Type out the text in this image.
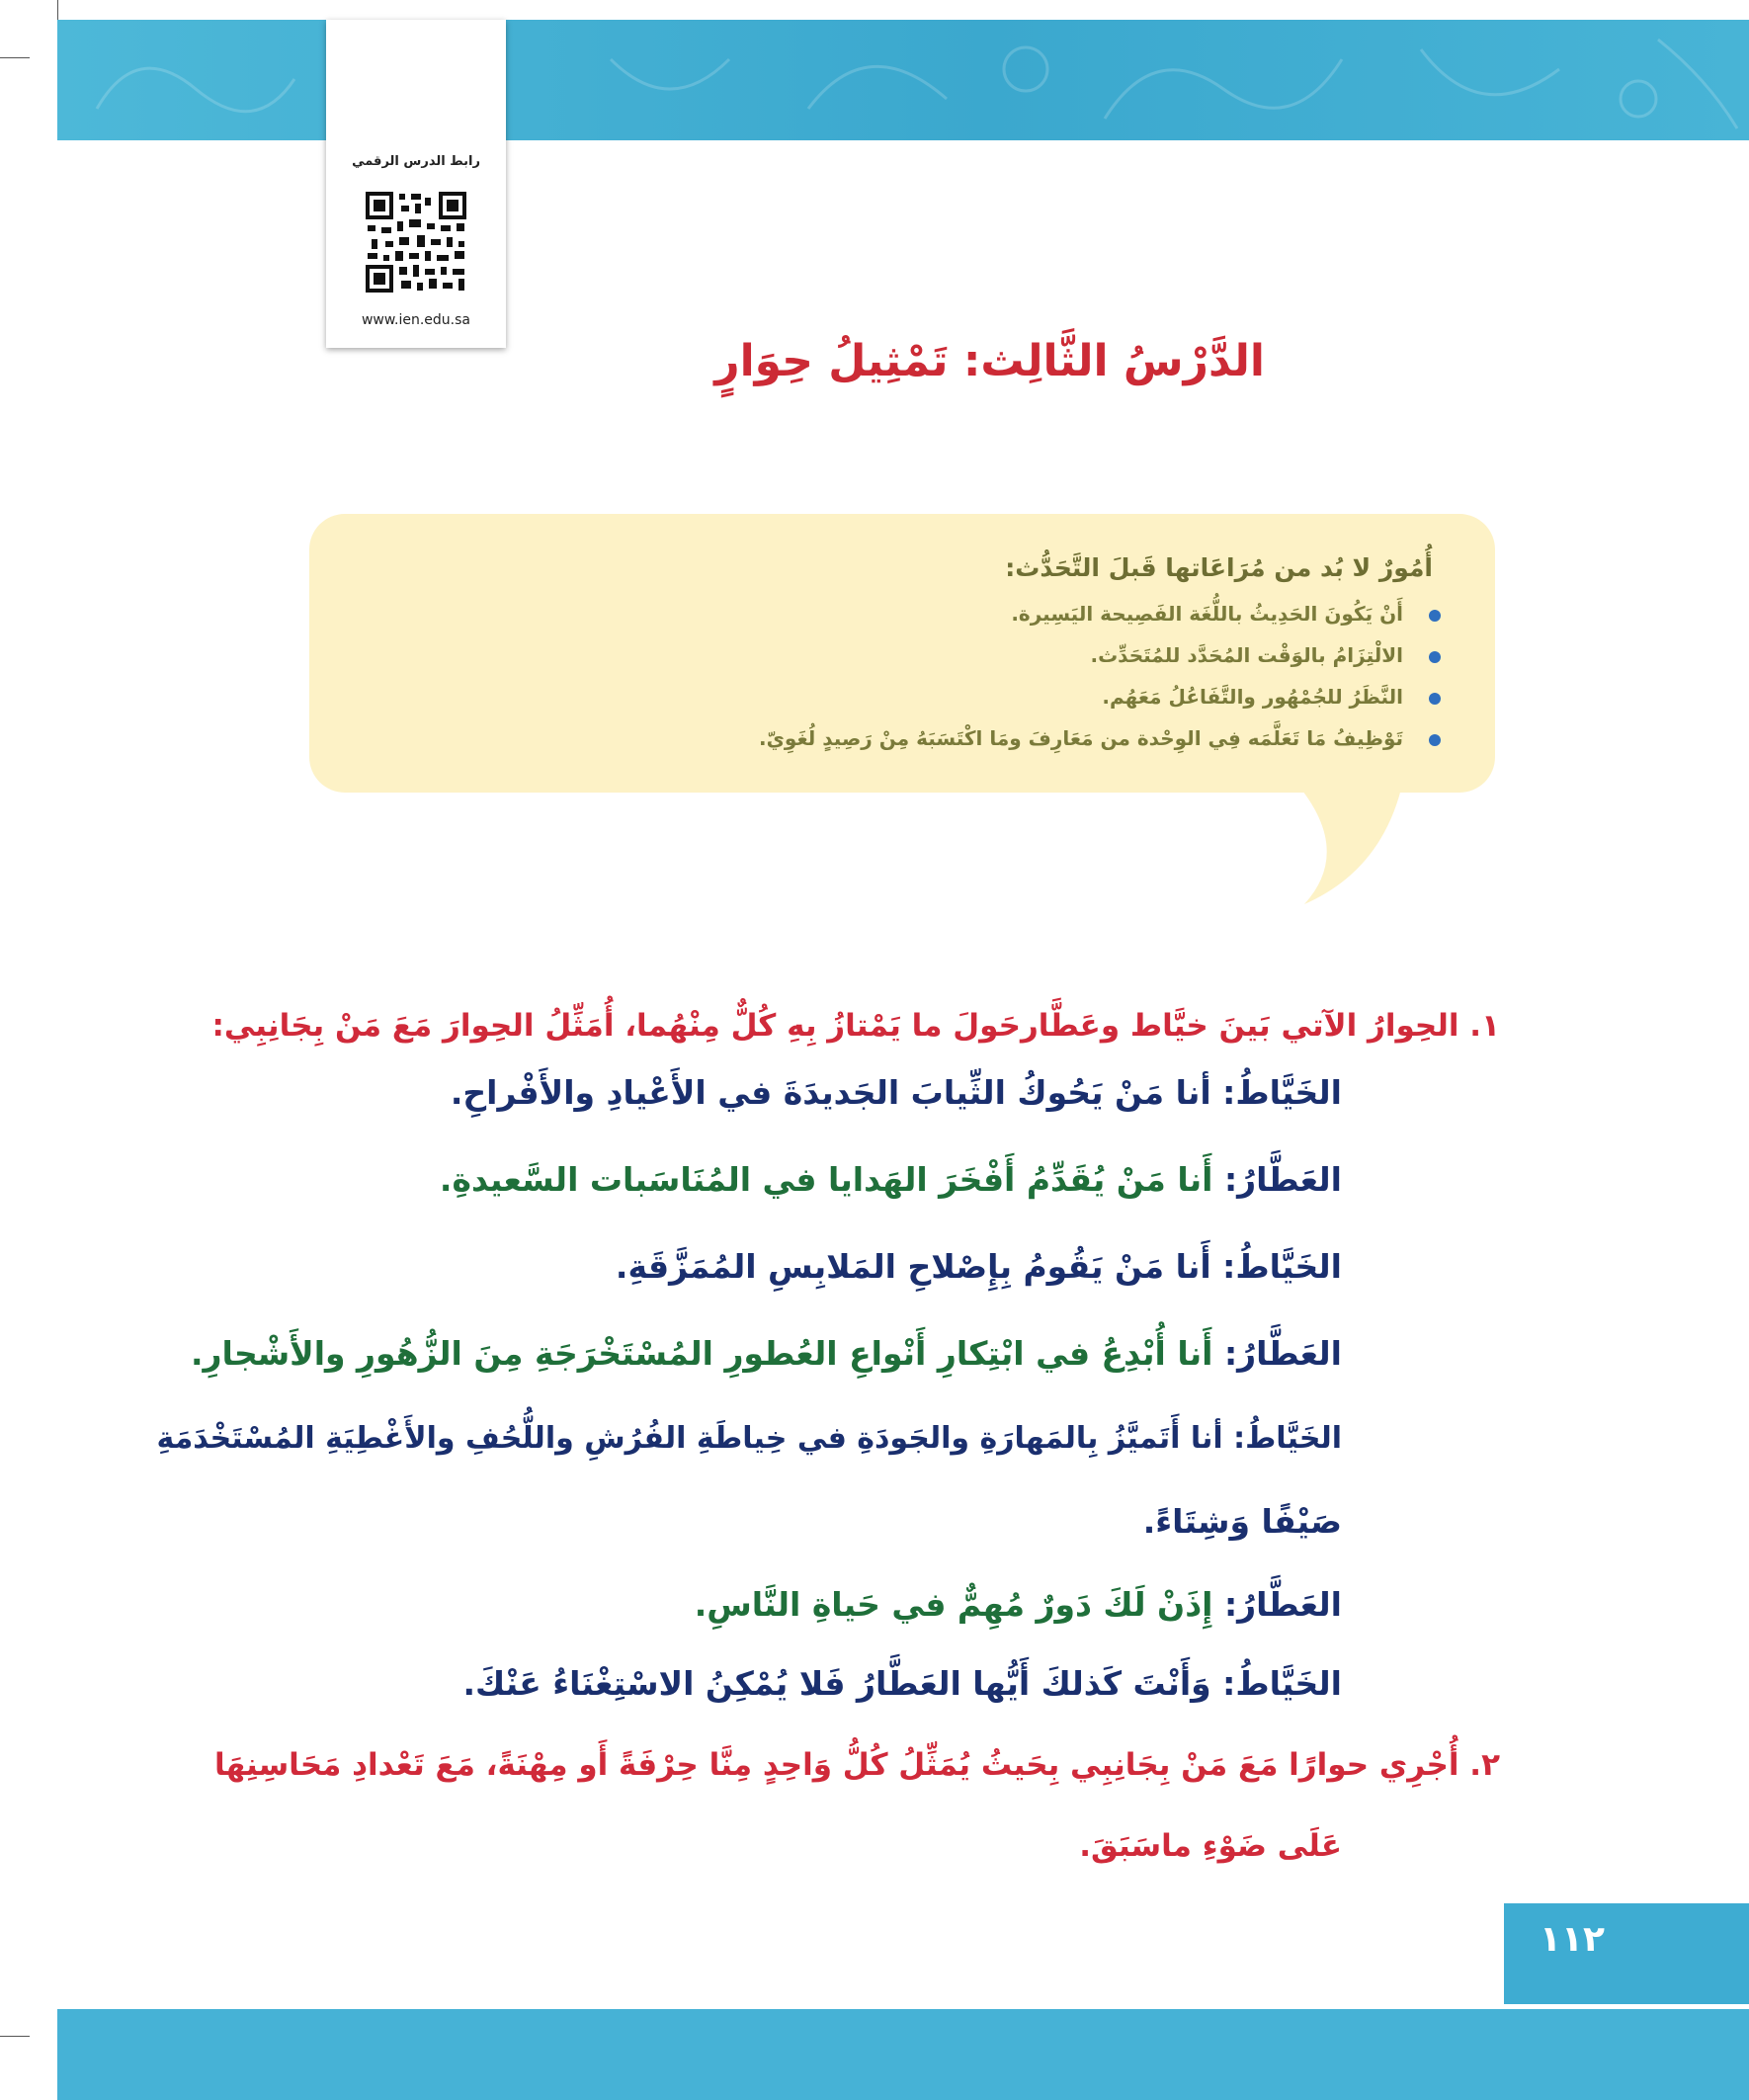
رابط الدرس الرقمي
www.ien.edu.sa
الدَّرْسُ الثَّالِث: تَمْثِيلُ حِوَارٍ
أُمُورٌ لا بُد من مُرَاعَاتها قَبلَ التَّحَدُّث:
أَنْ يَكُونَ الحَدِيثُ باللُّغَة الفَصِيحة اليَسِيرة.
الالْتِزَامُ بالوَقْت المُحَدَّد للمُتَحَدِّث.
النَّظَرُ للجُمْهُور والتَّفَاعُلُ مَعَهُم.
تَوْظِيفُ مَا تَعَلَّمَه فِي الوِحْدة من مَعَارِفَ ومَا اكْتَسَبَهُ مِنْ رَصِيدٍ لُغَوِيّ.
١. الحِوارُ الآتي بَينَ خيَّاط وعَطَّارحَولَ ما يَمْتازُ بِهِ كُلٌّ مِنْهُما، أُمَثِّلُ الحِوارَ مَعَ مَنْ بِجَانِبِي:
الخَيَّاطُ: أنا مَنْ يَحُوكُ الثِّيابَ الجَديدَةَ في الأَعْيادِ والأَفْراحِ.
العَطَّارُ: أَنا مَنْ يُقَدِّمُ أَفْخَرَ الهَدايا في المُنَاسَبات السَّعيدةِ.
الخَيَّاطُ: أَنا مَنْ يَقُومُ بِإِصْلاحِ المَلابِسِ المُمَزَّقَةِ.
العَطَّارُ: أَنا أُبْدِعُ في ابْتِكارِ أَنْواعِ العُطورِ المُسْتَخْرَجَةِ مِنَ الزُّهُورِ والأَشْجارِ.
الخَيَّاطُ: أنا أَتَميَّزُ بِالمَهارَةِ والجَودَةِ في خِياطَةِ الفُرُشِ واللُّحُفِ والأَغْطِيَةِ المُسْتَخْدَمَةِ
صَيْفًا وَشِتَاءً.
العَطَّارُ: إِذَنْ لَكَ دَورٌ مُهِمٌّ في حَياةِ النَّاسِ.
الخَيَّاطُ: وَأَنْتَ كَذلكَ أَيُّها العَطَّارُ فَلا يُمْكِنُ الاسْتِغْنَاءُ عَنْكَ.
٢. أُجْرِي حوارًا مَعَ مَنْ بِجَانِبِي بِحَيثُ يُمَثِّلُ كُلُّ وَاحِدٍ مِنَّا حِرْفَةً أَو مِهْنَةً، مَعَ تَعْدادِ مَحَاسِنِهَا
عَلَى ضَوْءِ ماسَبَقَ.
١١٢
